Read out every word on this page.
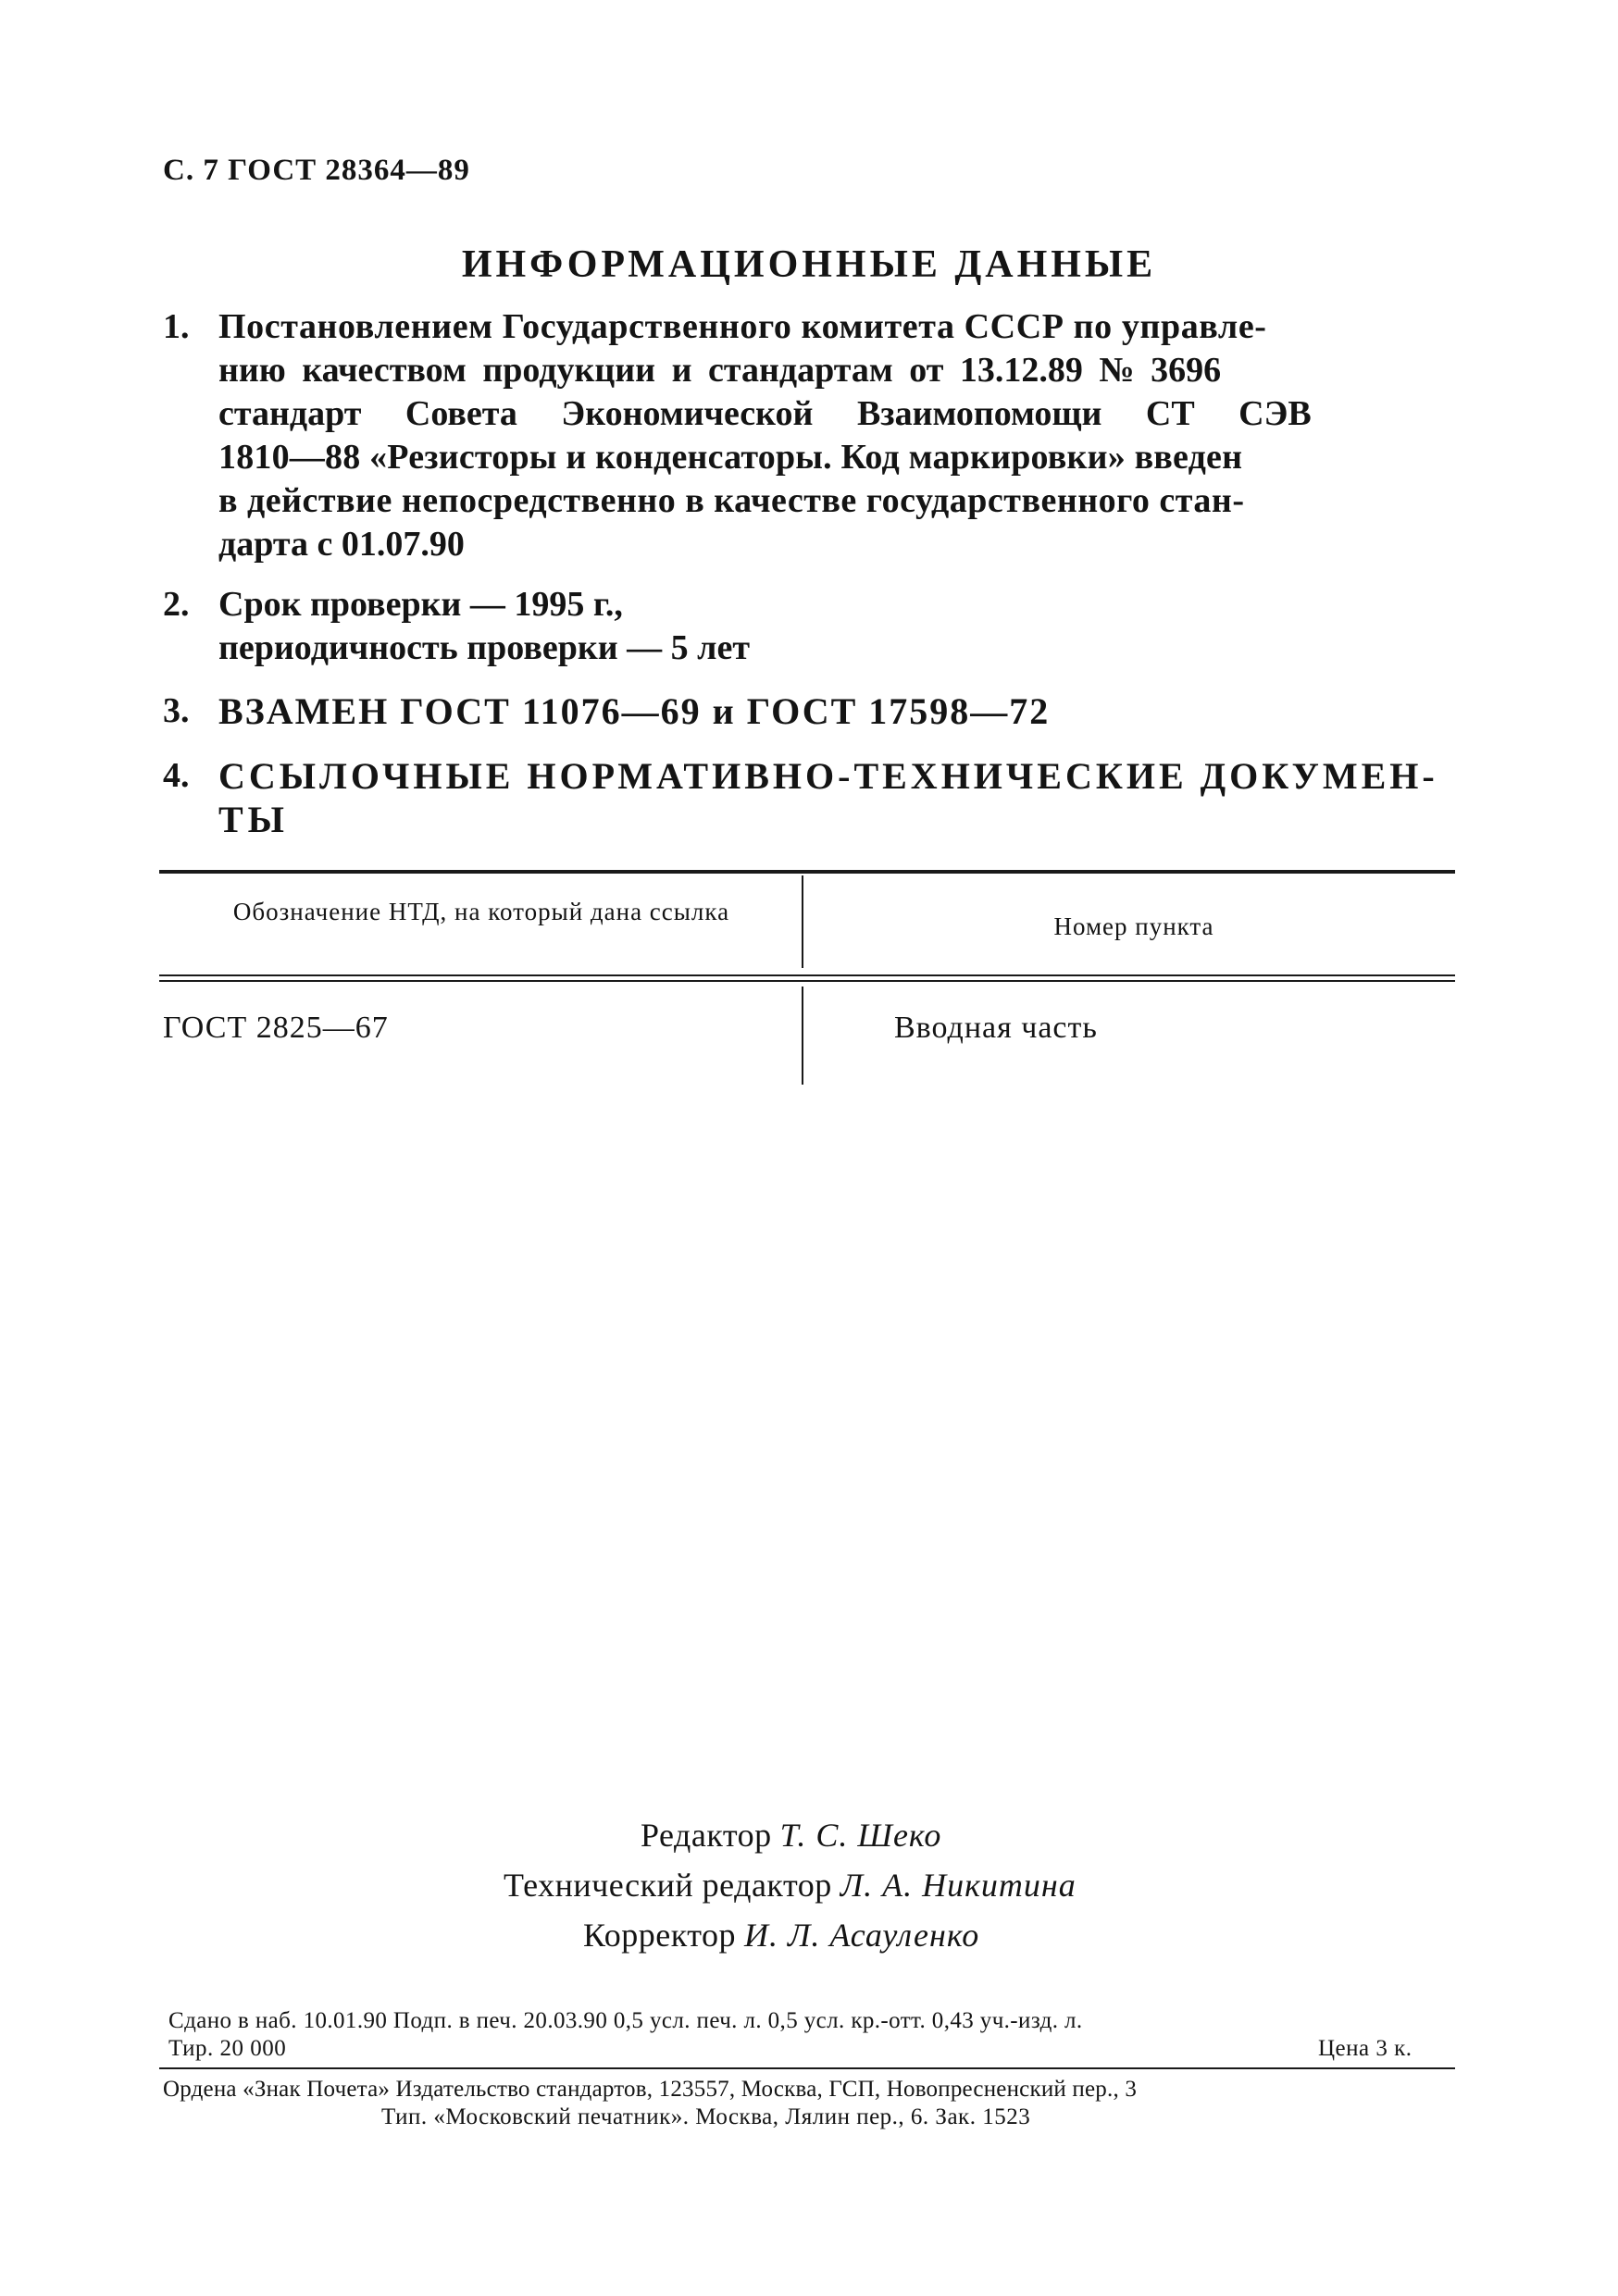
С. 7 ГОСТ 28364—89
ИНФОРМАЦИОННЫЕ ДАННЫЕ
1. Постановлением Государственного комитета СССР по управле-
нию качеством продукции и стандартам от 13.12.89 № 3696
стандарт Совета Экономической Взаимопомощи СТ СЭВ
1810—88 «Резисторы и конденсаторы. Код маркировки» введен
в действие непосредственно в качестве государственного стан-
дарта с 01.07.90
2. Срок проверки — 1995 г.,
периодичность проверки — 5 лет
3. ВЗАМЕН ГОСТ 11076—69 и ГОСТ 17598—72
4. ССЫЛОЧНЫЕ НОРМАТИВНО-ТЕХНИЧЕСКИЕ ДОКУМЕН-
ТЫ
Обозначение НТД, на который дана ссылка
Номер пункта
ГОСТ 2825—67	Вводная часть
Редактор Т. С. Шеко
Технический редактор Л. А. Никитина
Корректор И. Л. Асауленко
Сдано в наб. 10.01.90 Подп. в печ. 20.03.90 0,5 усл. печ. л. 0,5 усл. кр.-отт. 0,43 уч.-изд. л.
Тир. 20 000	Цена 3 к.
Ордена «Знак Почета» Издательство стандартов, 123557, Москва, ГСП, Новопресненский пер., 3
Тип. «Московский печатник». Москва, Лялин пер., 6. Зак. 1523
